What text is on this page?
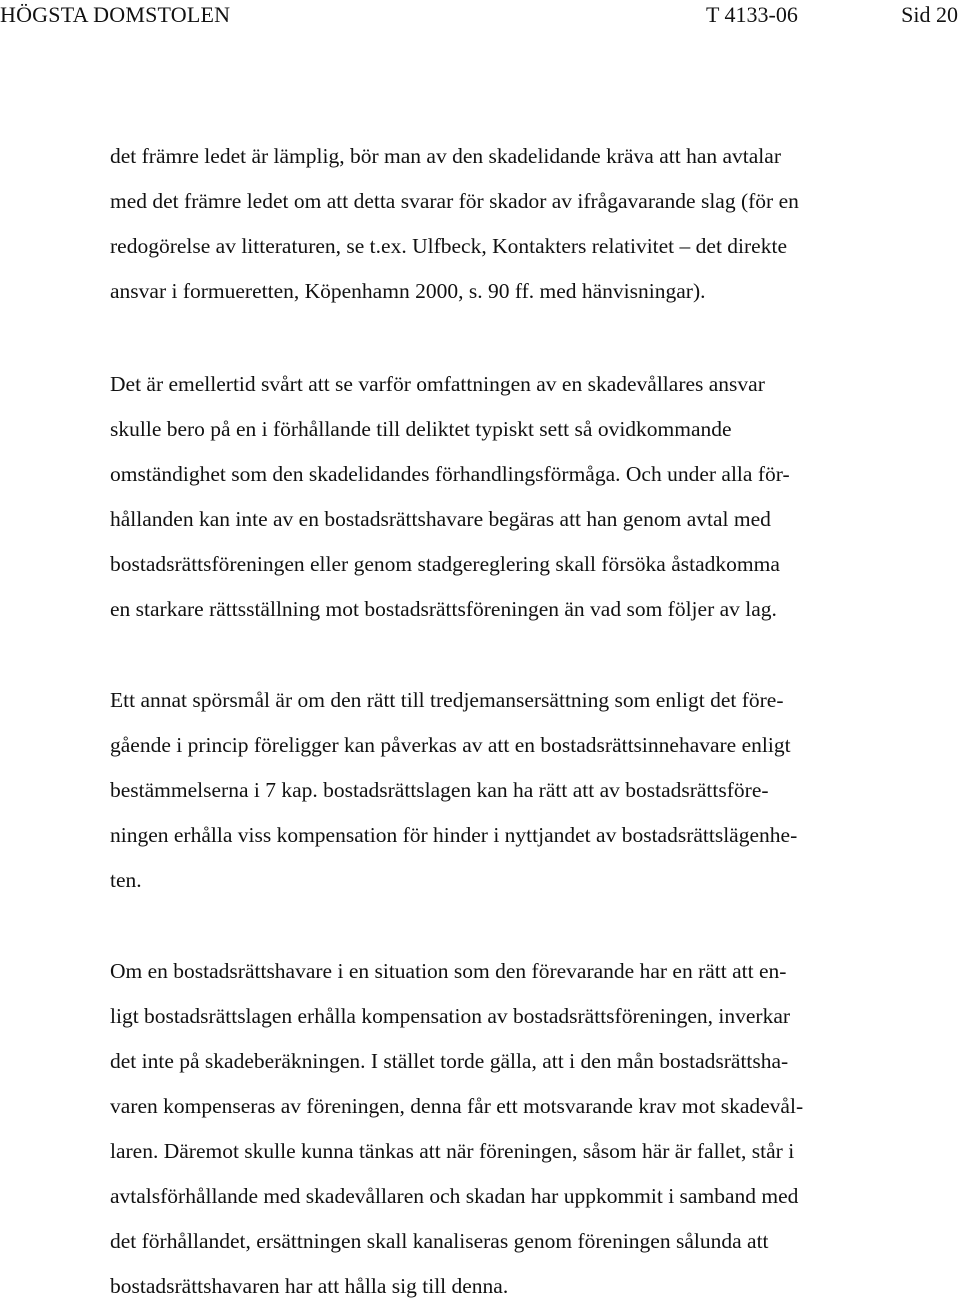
HÖGSTA DOMSTOLEN	T 4133-06	Sid 20
det främre ledet är lämplig, bör man av den skadelidande kräva att han avtalar
med det främre ledet om att detta svarar för skador av ifrågavarande slag (för en
redogörelse av litteraturen, se t.ex. Ulfbeck, Kontakters relativitet – det direkte
ansvar i formueretten, Köpenhamn 2000, s. 90 ff. med hänvisningar).
Det är emellertid svårt att se varför omfattningen av en skadevållares ansvar
skulle bero på en i förhållande till deliktet typiskt sett så ovidkommande
omständighet som den skadelidandes förhandlingsförmåga. Och under alla för-
hållanden kan inte av en bostadsrättshavare begäras att han genom avtal med
bostadsrättsföreningen eller genom stadgereglering skall försöka åstadkomma
en starkare rättsställning mot bostadsrättsföreningen än vad som följer av lag.
Ett annat spörsmål är om den rätt till tredjemansersättning som enligt det före-
gående i princip föreligger kan påverkas av att en bostadsrättsinnehavare enligt
bestämmelserna i 7 kap. bostadsrättslagen kan ha rätt att av bostadsrättsföre-
ningen erhålla viss kompensation för hinder i nyttjandet av bostadsrättslägenhe-
ten.
Om en bostadsrättshavare i en situation som den förevarande har en rätt att en-
ligt bostadsrättslagen erhålla kompensation av bostadsrättsföreningen, inverkar
det inte på skadeberäkningen. I stället torde gälla, att i den mån bostadsrättsha-
varen kompenseras av föreningen, denna får ett motsvarande krav mot skadevål-
laren. Däremot skulle kunna tänkas att när föreningen, såsom här är fallet, står i
avtalsförhållande med skadevållaren och skadan har uppkommit i samband med
det förhållandet, ersättningen skall kanaliseras genom föreningen sålunda att
bostadsrättshavaren har att hålla sig till denna.
